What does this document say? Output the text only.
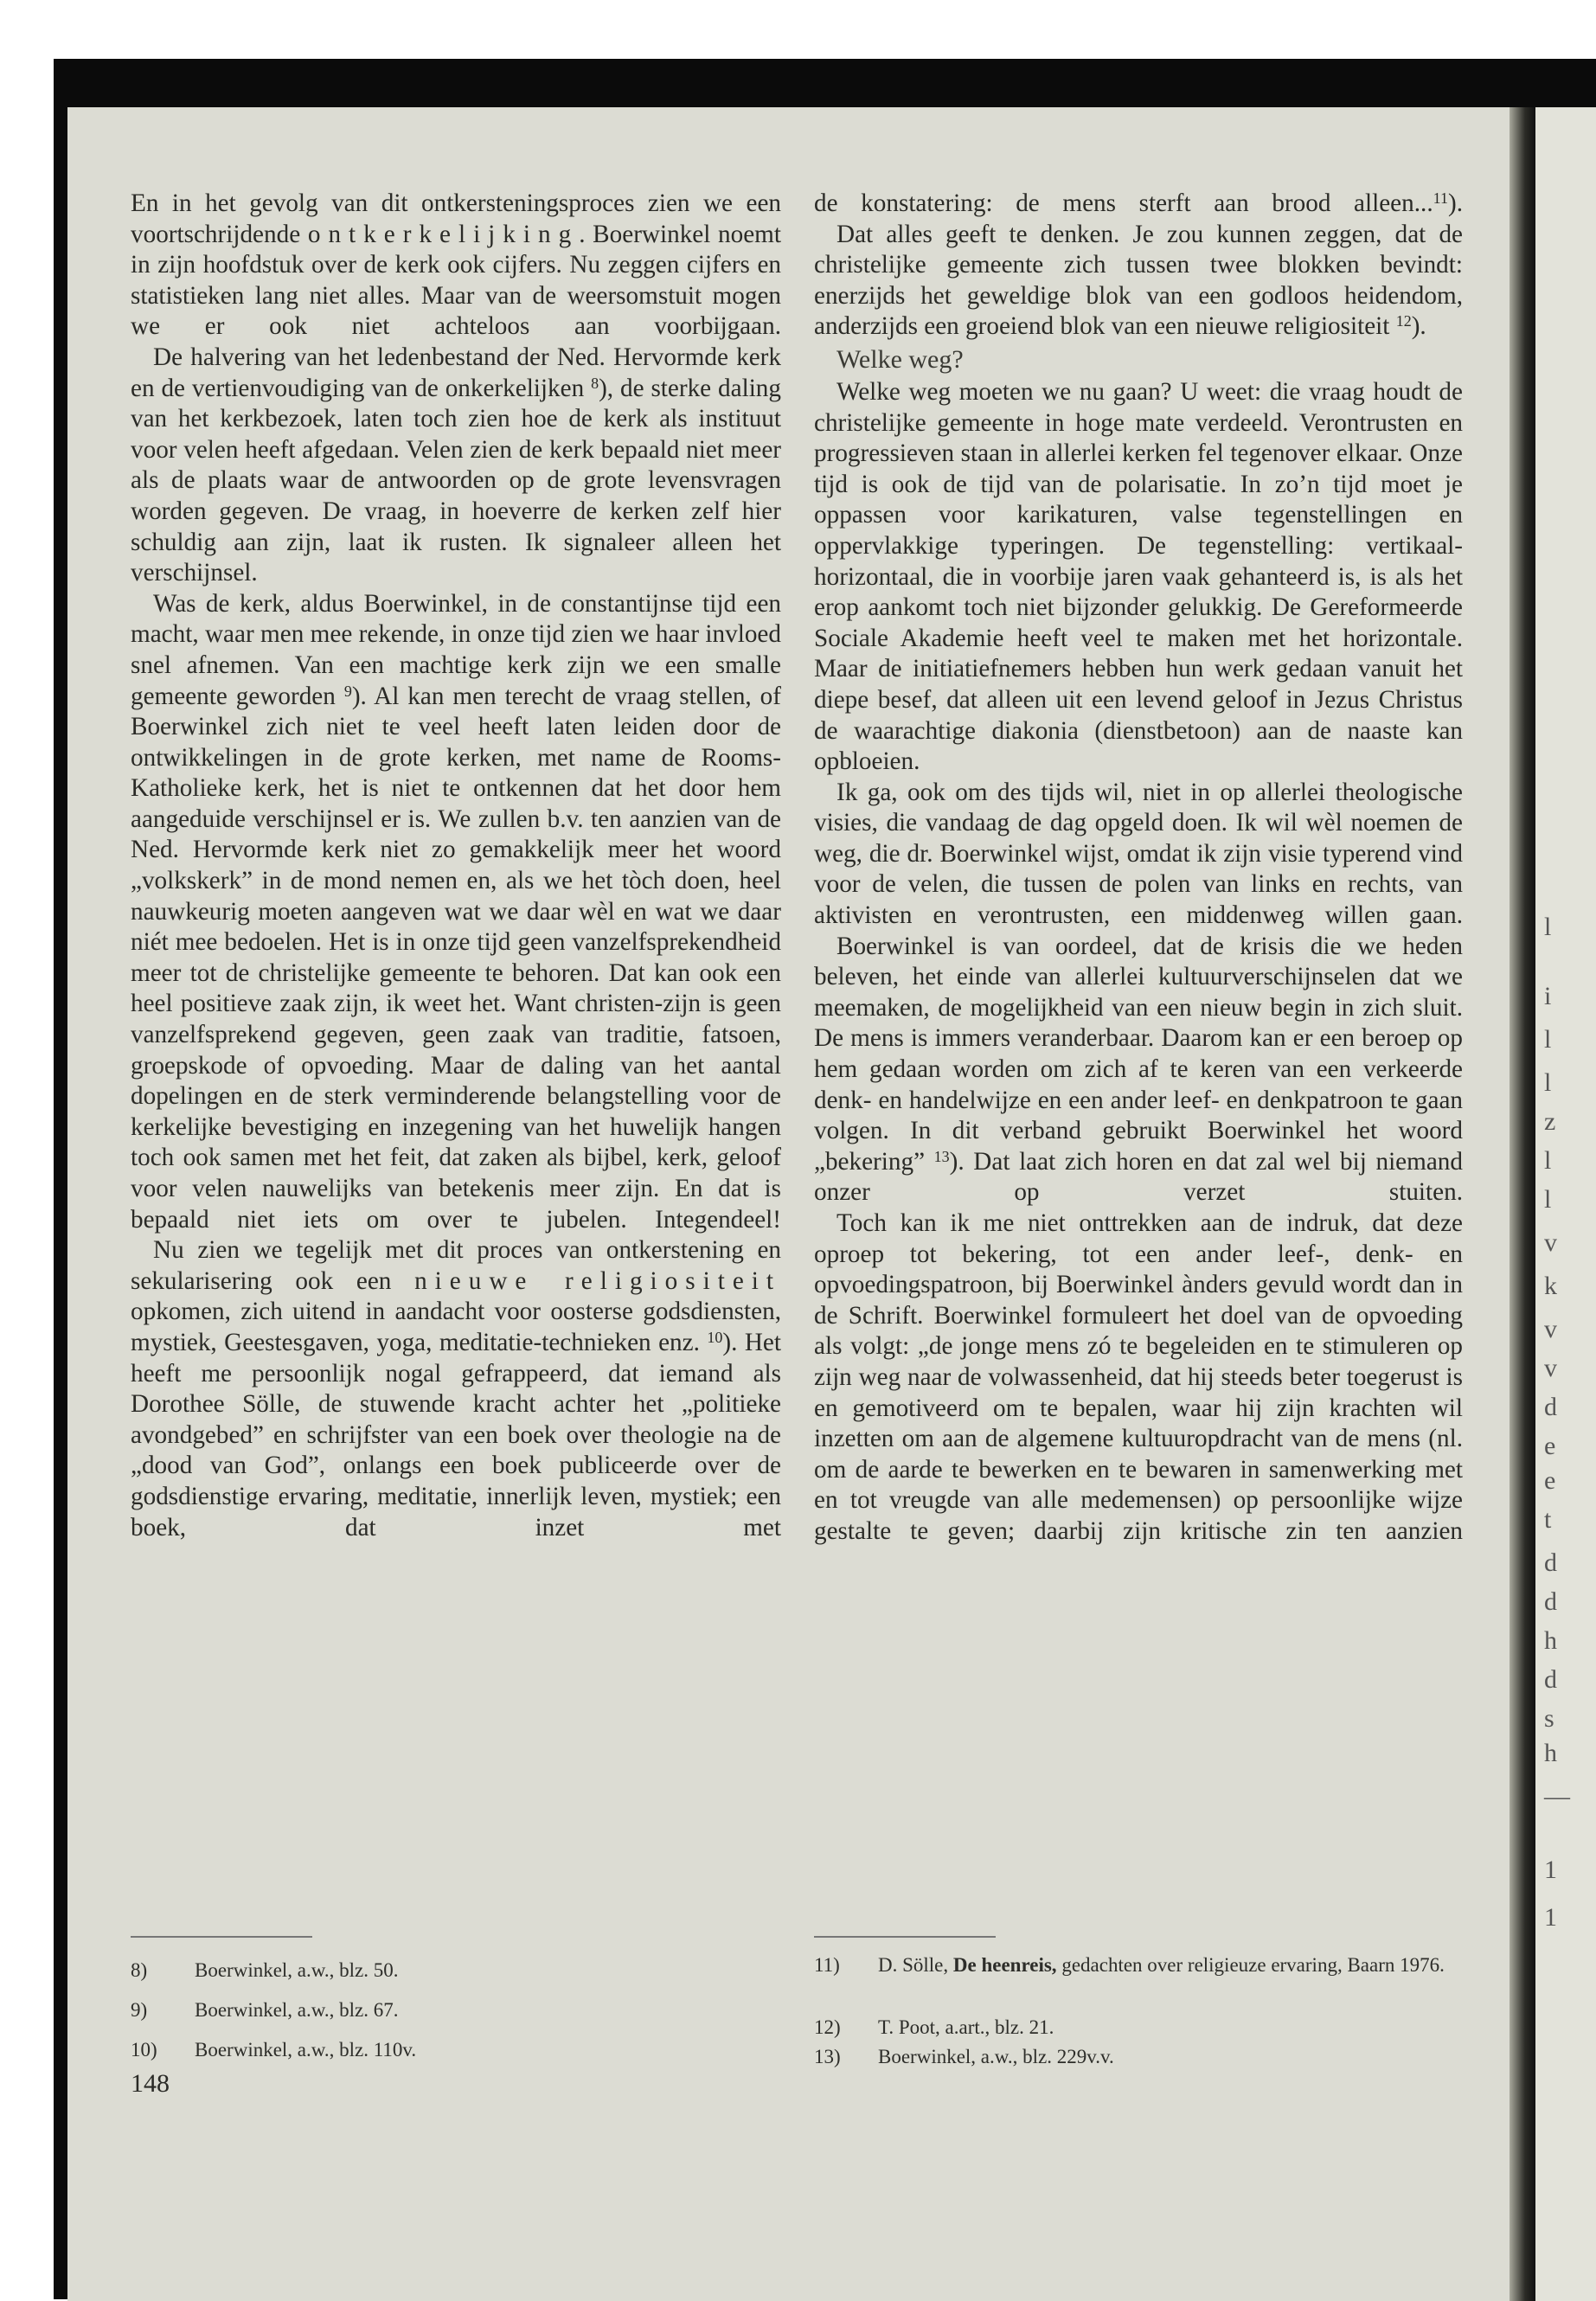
l
i
l
l
z
l
l
v
k
v
v
d
e
e
t
d
d
h
d
s
h
—
1
1

En in het gevolg van dit ontkersteningsproces zien we een voortschrijdende ontkerkelijking. Boerwinkel noemt in zijn hoofdstuk over de kerk ook cijfers. Nu zeggen cijfers en statistieken lang niet alles. Maar van de weersomstuit mogen we er ook niet achteloos aan voorbijgaan.

De halvering van het ledenbestand der Ned. Hervormde kerk en de vertienvoudiging van de onkerkelijken $^8$), de sterke daling van het kerkbezoek, laten toch zien hoe de kerk als instituut voor velen heeft afgedaan. Velen zien de kerk bepaald niet meer als de plaats waar de antwoorden op de grote levensvragen worden gegeven. De vraag, in hoeverre de kerken zelf hier schuldig aan zijn, laat ik rusten. Ik signaleer alleen het verschijnsel.

Was de kerk, aldus Boerwinkel, in de constantijnse tijd een macht, waar men mee rekende, in onze tijd zien we haar invloed snel afnemen. Van een machtige kerk zijn we een smalle gemeente geworden $^9$). Al kan men terecht de vraag stellen, of Boerwinkel zich niet te veel heeft laten leiden door de ontwikkelingen in de grote kerken, met name de Rooms-Katholieke kerk, het is niet te ontkennen dat het door hem aangeduide verschijnsel er is. We zullen b.v. ten aanzien van de Ned. Hervormde kerk niet zo gemakkelijk meer het woord „volkskerk” in de mond nemen en, als we het tòch doen, heel nauwkeurig moeten aangeven wat we daar wèl en wat we daar niét mee bedoelen. Het is in onze tijd geen vanzelfsprekendheid meer tot de christelijke gemeente te behoren. Dat kan ook een heel positieve zaak zijn, ik weet het. Want christen-zijn is geen vanzelfsprekend gegeven, geen zaak van traditie, fatsoen, groepskode of opvoeding. Maar de daling van het aantal dopelingen en de sterk verminderende belangstelling voor de kerkelijke bevestiging en inzegening van het huwelijk hangen toch ook samen met het feit, dat zaken als bijbel, kerk, geloof voor velen nauwelijks van betekenis meer zijn. En dat is bepaald niet iets om over te jubelen. Integendeel!

Nu zien we tegelijk met dit proces van ontkerstening en sekularisering ook een nieuwe religiositeit opkomen, zich uitend in aandacht voor oosterse godsdiensten, mystiek, Geestesgaven, yoga, meditatie-technieken enz. $^{10}$). Het heeft me persoonlijk nogal gefrappeerd, dat iemand als Dorothee Sölle, de stuwende kracht achter het „politieke avondgebed” en schrijfster van een boek over theologie na de „dood van God”, onlangs een boek publiceerde over de godsdienstige ervaring, meditatie, innerlijk leven, mystiek; een boek, dat inzet met

de konstatering: de mens sterft aan brood alleen...$^{11}$).

Dat alles geeft te denken. Je zou kunnen zeggen, dat de christelijke gemeente zich tussen twee blokken bevindt: enerzijds het geweldige blok van een godloos heidendom, anderzijds een groeiend blok van een nieuwe religiositeit $^{12}$).

Welke weg?

Welke weg moeten we nu gaan? U weet: die vraag houdt de christelijke gemeente in hoge mate verdeeld. Verontrusten en progressieven staan in allerlei kerken fel tegenover elkaar. Onze tijd is ook de tijd van de polarisatie. In zo’n tijd moet je oppassen voor karikaturen, valse tegenstellingen en oppervlakkige typeringen. De tegenstelling: vertikaal-horizontaal, die in voorbije jaren vaak gehanteerd is, is als het erop aankomt toch niet bijzonder gelukkig. De Gereformeerde Sociale Akademie heeft veel te maken met het horizontale. Maar de initiatiefnemers hebben hun werk gedaan vanuit het diepe besef, dat alleen uit een levend geloof in Jezus Christus de waarachtige diakonia (dienstbetoon) aan de naaste kan opbloeien.

Ik ga, ook om des tijds wil, niet in op allerlei theologische visies, die vandaag de dag opgeld doen. Ik wil wèl noemen de weg, die dr. Boerwinkel wijst, omdat ik zijn visie typerend vind voor de velen, die tussen de polen van links en rechts, van aktivisten en verontrusten, een middenweg willen gaan.

Boerwinkel is van oordeel, dat de krisis die we heden beleven, het einde van allerlei kultuurverschijnselen dat we meemaken, de mogelijkheid van een nieuw begin in zich sluit. De mens is immers veranderbaar. Daarom kan er een beroep op hem gedaan worden om zich af te keren van een verkeerde denk- en handelwijze en een ander leef- en denkpatroon te gaan volgen. In dit verband gebruikt Boerwinkel het woord „bekering” $^{13}$). Dat laat zich horen en dat zal wel bij niemand onzer op verzet stuiten.

Toch kan ik me niet onttrekken aan de indruk, dat deze oproep tot bekering, tot een ander leef-, denk- en opvoedingspatroon, bij Boerwinkel ànders gevuld wordt dan in de Schrift. Boerwinkel formuleert het doel van de opvoeding als volgt: „de jonge mens zó te begeleiden en te stimuleren op zijn weg naar de volwassenheid, dat hij steeds beter toegerust is en gemotiveerd om te bepalen, waar hij zijn krachten wil inzetten om aan de algemene kultuuropdracht van de mens (nl. om de aarde te bewerken en te bewaren in samenwerking met en tot vreugde van alle medemensen) op persoonlijke wijze gestalte te geven; daarbij zijn kritische zin ten aanzien

8) Boerwinkel, a.w., blz. 50.
9) Boerwinkel, a.w., blz. 67.
10) Boerwinkel, a.w., blz. 110v.
148
11) D. Sölle, De heenreis, gedachten over religieuze ervaring, Baarn 1976.
12) T. Poot, a.art., blz. 21.
13) Boerwinkel, a.w., blz. 229v.v.
